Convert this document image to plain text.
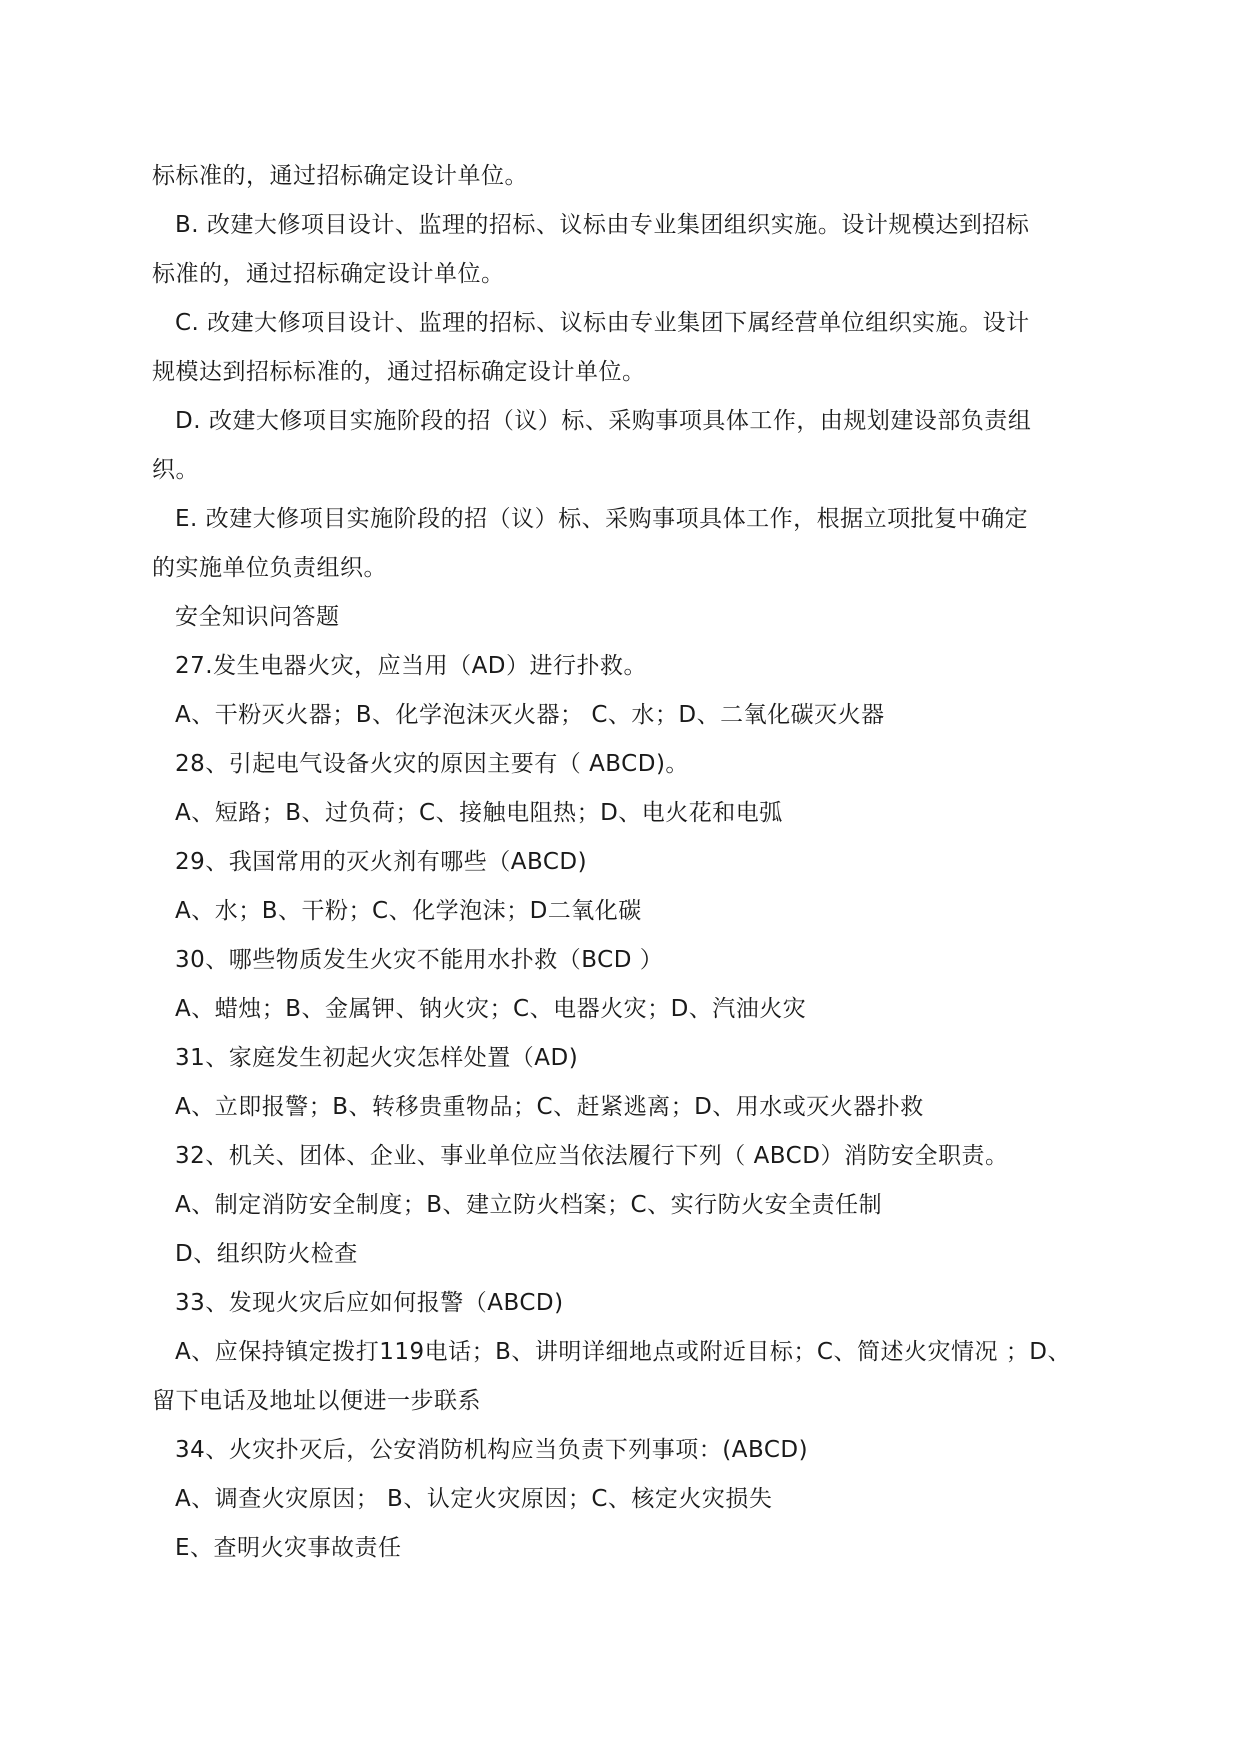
标标准的，通过招标确定设计单位。

B. 改建大修项目设计、监理的招标、议标由专业集团组织实施。设计规模达到招标

标准的，通过招标确定设计单位。

C. 改建大修项目设计、监理的招标、议标由专业集团下属经营单位组织实施。设计

规模达到招标标准的，通过招标确定设计单位。

D. 改建大修项目实施阶段的招（议）标、采购事项具体工作，由规划建设部负责组

织。

E. 改建大修项目实施阶段的招（议）标、采购事项具体工作，根据立项批复中确定

的实施单位负责组织。

安全知识问答题

27.发生电器火灾，应当用（AD）进行扑救。

A、干粉灭火器；B、化学泡沫灭火器； C、水；D、二氧化碳灭火器

28、引起电气设备火灾的原因主要有（ ABCD)。

A、短路；B、过负荷；C、接触电阻热；D、电火花和电弧

29、我国常用的灭火剂有哪些（ABCD)

A、水；B、干粉；C、化学泡沫；D二氧化碳

30、哪些物质发生火灾不能用水扑救（BCD ）

A、蜡烛；B、金属钾、钠火灾；C、电器火灾；D、汽油火灾

31、家庭发生初起火灾怎样处置（AD)

A、立即报警；B、转移贵重物品；C、赶紧逃离；D、用水或灭火器扑救

32、机关、团体、企业、事业单位应当依法履行下列（ ABCD）消防安全职责。

A、制定消防安全制度；B、建立防火档案；C、实行防火安全责任制

D、组织防火检查

33、发现火灾后应如何报警（ABCD)

A、应保持镇定拨打119电话；B、讲明详细地点或附近目标；C、简述火灾情况 ；D、

留下电话及地址以便进一步联系

34、火灾扑灭后，公安消防机构应当负责下列事项：(ABCD)

A、调查火灾原因； B、认定火灾原因；C、核定火灾损失

E、查明火灾事故责任
